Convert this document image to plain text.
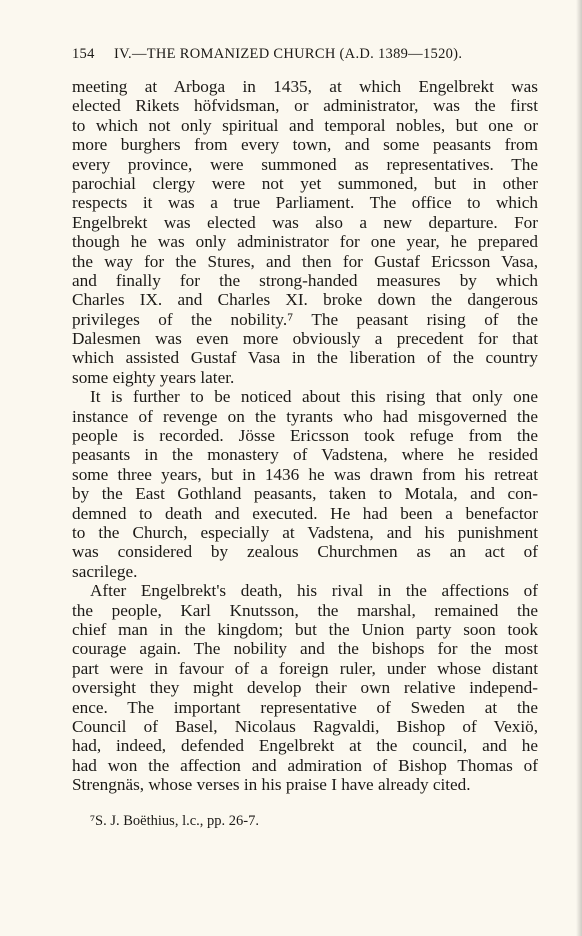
154 IV.—THE ROMANIZED CHURCH (A.D. 1389—1520).
meeting at Arboga in 1435, at which Engelbrekt was
elected Rikets höfvidsman, or administrator, was the first
to which not only spiritual and temporal nobles, but one or
more burghers from every town, and some peasants from
every province, were summoned as representatives. The
parochial clergy were not yet summoned, but in other
respects it was a true Parliament. The office to which
Engelbrekt was elected was also a new departure. For
though he was only administrator for one year, he prepared
the way for the Stures, and then for Gustaf Ericsson Vasa,
and finally for the strong-handed measures by which
Charles IX. and Charles XI. broke down the dangerous
privileges of the nobility.⁷ The peasant rising of the
Dalesmen was even more obviously a precedent for that
which assisted Gustaf Vasa in the liberation of the country
some eighty years later.
It is further to be noticed about this rising that only one
instance of revenge on the tyrants who had misgoverned the
people is recorded. Jösse Ericsson took refuge from the
peasants in the monastery of Vadstena, where he resided
some three years, but in 1436 he was drawn from his retreat
by the East Gothland peasants, taken to Motala, and con-
demned to death and executed. He had been a benefactor
to the Church, especially at Vadstena, and his punishment
was considered by zealous Churchmen as an act of
sacrilege.
After Engelbrekt's death, his rival in the affections of
the people, Karl Knutsson, the marshal, remained the
chief man in the kingdom; but the Union party soon took
courage again. The nobility and the bishops for the most
part were in favour of a foreign ruler, under whose distant
oversight they might develop their own relative independ-
ence. The important representative of Sweden at the
Council of Basel, Nicolaus Ragvaldi, Bishop of Vexiö,
had, indeed, defended Engelbrekt at the council, and he
had won the affection and admiration of Bishop Thomas of
Strengnäs, whose verses in his praise I have already cited.
⁷S. J. Boëthius, l.c., pp. 26-7.
